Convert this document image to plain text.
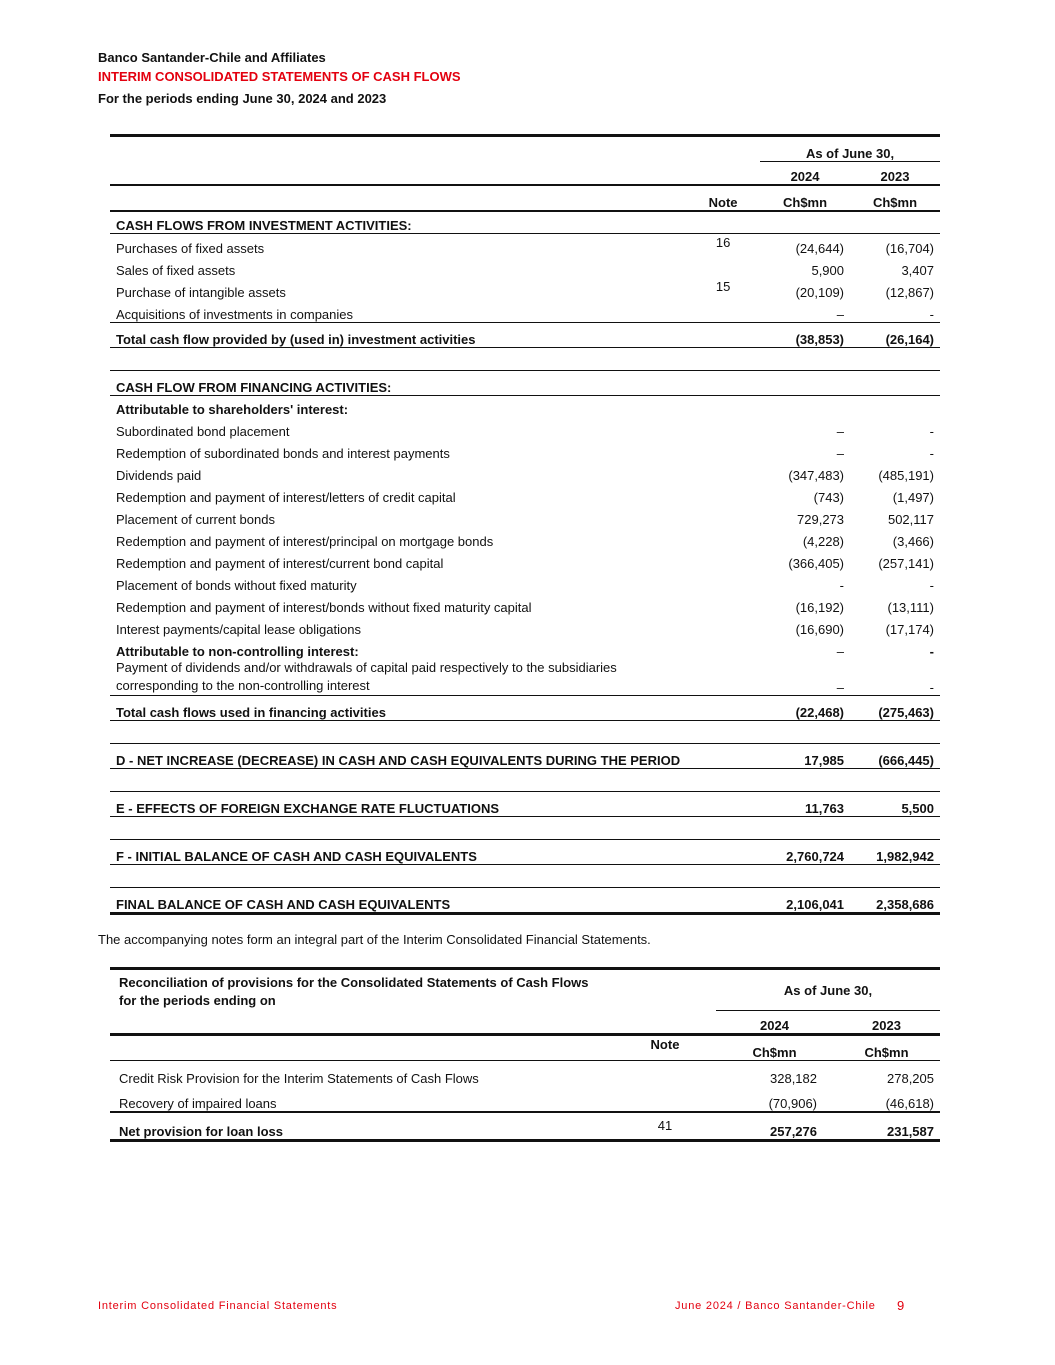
Banco Santander-Chile and Affiliates
INTERIM CONSOLIDATED STATEMENTS OF CASH FLOWS
For the periods ending June 30, 2024 and 2023
		As of June 30,	
		2024	2023
	Note	Ch$mn	Ch$mn
CASH FLOWS FROM INVESTMENT ACTIVITIES:			
Purchases of fixed assets	16	(24,644)	(16,704)
Sales of fixed assets		5,900	3,407
Purchase of intangible assets	15	(20,109)	(12,867)
Acquisitions of investments in companies		–	-
Total cash flow provided by (used in) investment activities		(38,853)	(26,164)

CASH FLOW FROM FINANCING ACTIVITIES:			
Attributable to shareholders' interest:			
Subordinated bond placement		–	-
Redemption of subordinated bonds and interest payments		–	-
Dividends paid		(347,483)	(485,191)
Redemption and payment of interest/letters of credit capital		(743)	(1,497)
Placement of current bonds		729,273	502,117
Redemption and payment of interest/principal on mortgage bonds		(4,228)	(3,466)
Redemption and payment of interest/current bond capital		(366,405)	(257,141)
Placement of bonds without fixed maturity		-	-
Redemption and payment of interest/bonds without fixed maturity capital		(16,192)	(13,111)
Interest payments/capital lease obligations		(16,690)	(17,174)
Attributable to non-controlling interest:		–	-
Payment of dividends and/or withdrawals of capital paid respectively to the subsidiaries corresponding to the non-controlling interest		–	-
Total cash flows used in financing activities		(22,468)	(275,463)

D - NET INCREASE (DECREASE) IN CASH AND CASH EQUIVALENTS DURING THE PERIOD		17,985	(666,445)

E - EFFECTS OF FOREIGN EXCHANGE RATE FLUCTUATIONS		11,763	5,500

F - INITIAL BALANCE OF CASH AND CASH EQUIVALENTS		2,760,724	1,982,942

FINAL BALANCE OF CASH AND CASH EQUIVALENTS		2,106,041	2,358,686
The accompanying notes form an integral part of the Interim Consolidated Financial Statements.
Reconciliation of provisions for the Consolidated Statements of Cash Flows for the periods ending on		As of June 30,	
		2024	2023
	Note	Ch$mn	Ch$mn
Credit Risk Provision for the Interim Statements of Cash Flows		328,182	278,205
Recovery of impaired loans		(70,906)	(46,618)
Net provision for loan loss	41	257,276	231,587
Interim Consolidated Financial Statements	June 2024 / Banco Santander-Chile 9
